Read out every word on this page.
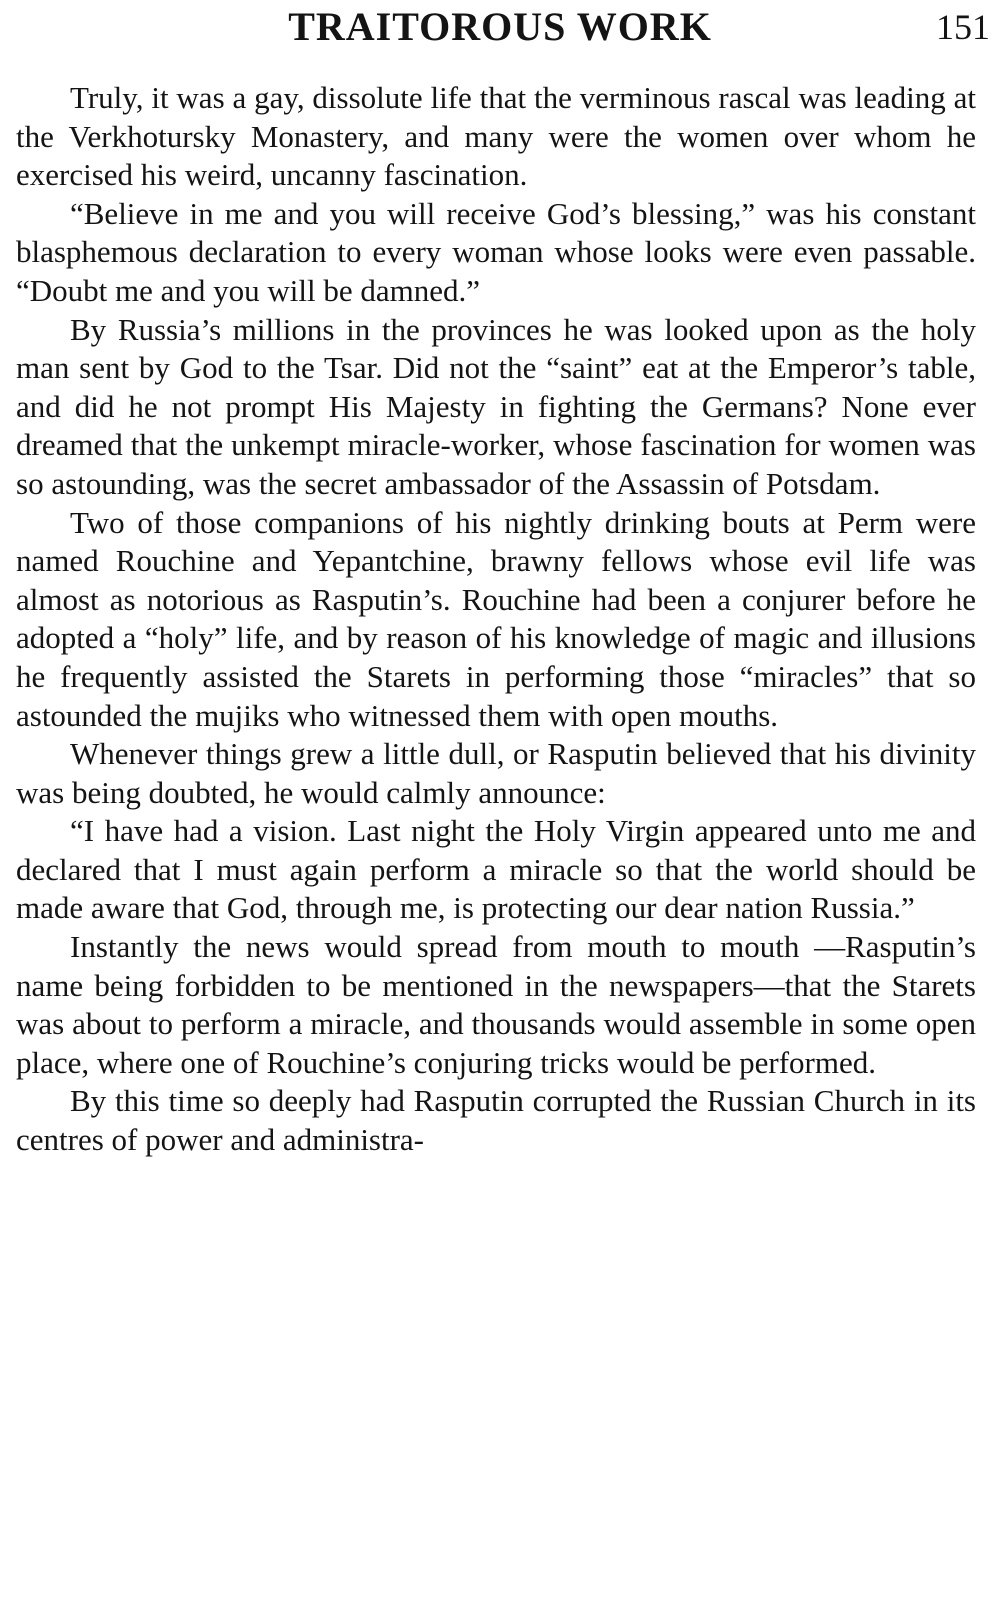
TRAITOROUS WORK	151

Truly, it was a gay, dissolute life that the verminous rascal was leading at the Verkhotursky Monastery, and many were the women over whom he exercised his weird, uncanny fascination.

“Believe in me and you will receive God’s blessing,” was his constant blasphemous declaration to every woman whose looks were even passable. “Doubt me and you will be damned.”

By Russia’s millions in the provinces he was looked upon as the holy man sent by God to the Tsar. Did not the “saint” eat at the Emperor’s table, and did he not prompt His Majesty in fighting the Germans? None ever dreamed that the unkempt miracle-worker, whose fascination for women was so astounding, was the secret ambassador of the Assassin of Potsdam.

Two of those companions of his nightly drinking bouts at Perm were named Rouchine and Yepantchine, brawny fellows whose evil life was almost as notorious as Rasputin’s. Rouchine had been a conjurer before he adopted a “holy” life, and by reason of his knowledge of magic and illusions he frequently assisted the Starets in performing those “miracles” that so astounded the mujiks who witnessed them with open mouths.

Whenever things grew a little dull, or Rasputin believed that his divinity was being doubted, he would calmly announce:

“I have had a vision. Last night the Holy Virgin appeared unto me and declared that I must again perform a miracle so that the world should be made aware that God, through me, is protecting our dear nation Russia.”

Instantly the news would spread from mouth to mouth —Rasputin’s name being forbidden to be mentioned in the newspapers—that the Starets was about to perform a miracle, and thousands would assemble in some open place, where one of Rouchine’s conjuring tricks would be performed.

By this time so deeply had Rasputin corrupted the Russian Church in its centres of power and administra-
